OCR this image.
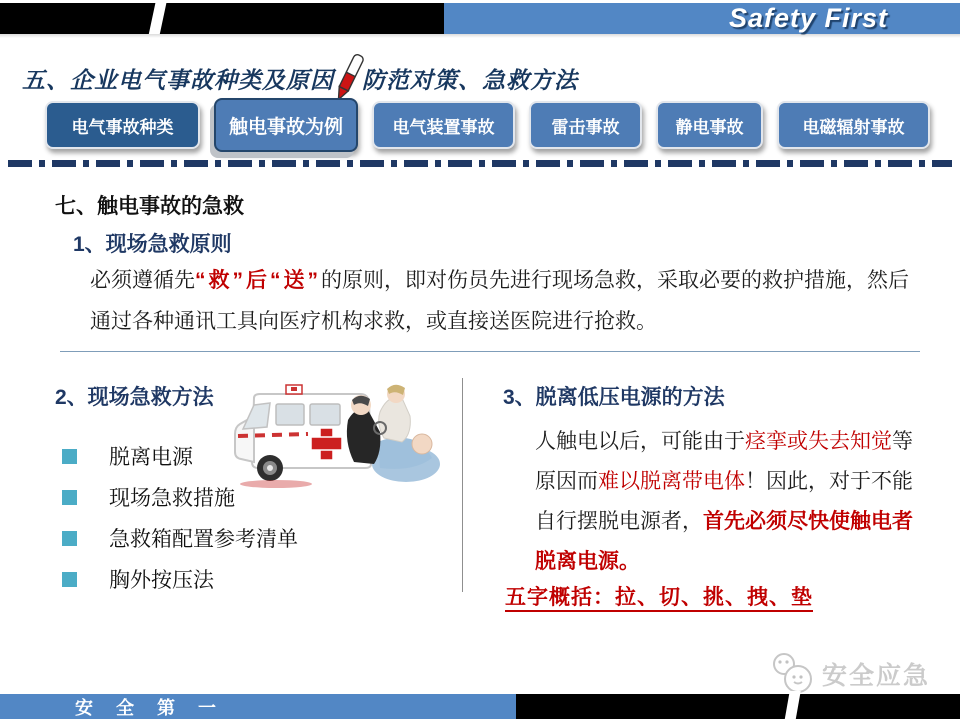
Safety First
五、企业电气事故种类及原因 防范对策、急救方法
电气事故种类	触电事故为例	电气装置事故	雷击事故	静电事故	电磁辐射事故
七、触电事故的急救
1、现场急救原则
必须遵循先“救”后“送”的原则，即对伤员先进行现场急救，采取必要的救护措施，然后通过各种通讯工具向医疗机构求救，或直接送医院进行抢救。
2、现场急救方法
脱离电源
现场急救措施
急救箱配置参考清单
胸外按压法
3、脱离低压电源的方法
人触电以后，可能由于痉挛或失去知觉等原因而难以脱离带电体！因此，对于不能自行摆脱电源者，首先必须尽快使触电者脱离电源。
五字概括：拉、切、挑、拽、垫
安全应急
安 全 第 一
